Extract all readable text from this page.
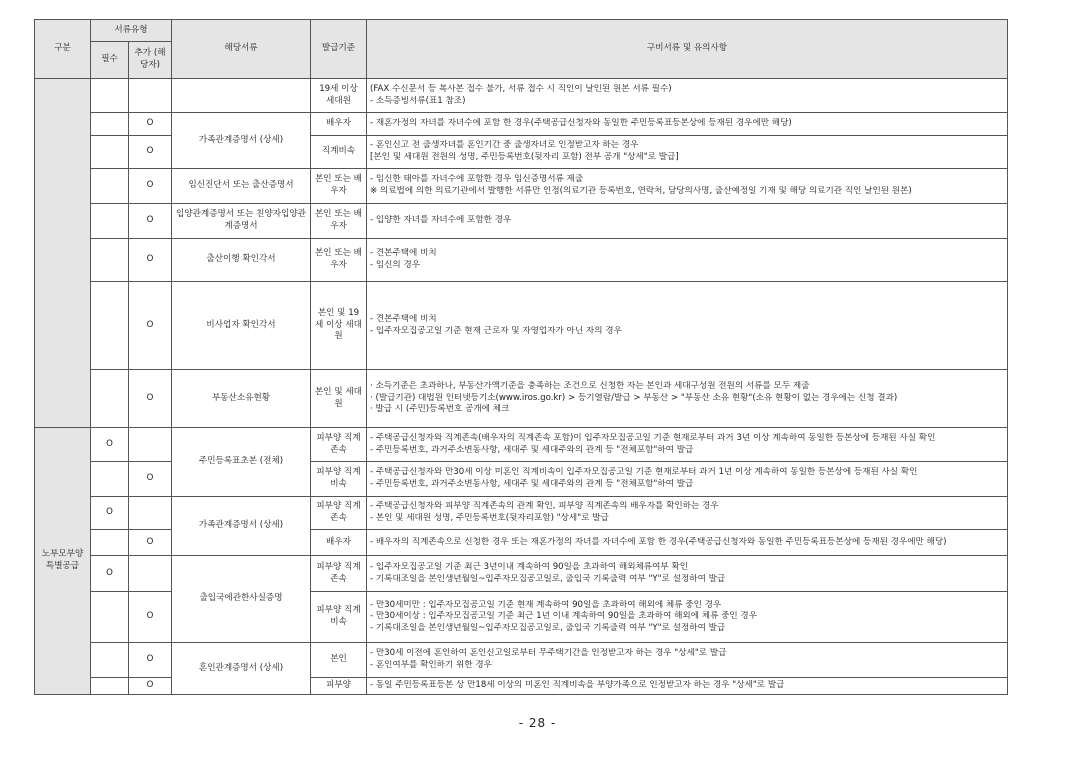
구분	서류유형		해당서류	발급기준	구비서류 및 유의사항
	필수	추가 (해당자)			
				19세 이상 세대원	(FAX 수신문서 등 복사본 접수 불가, 서류 접수 시 직인이 날인된 원본 서류 필수)
- 소득증빙서류(표1 참조)

		O	가족관계증명서 (상세)	배우자	- 재혼가정의 자녀를 자녀수에 포함 한 경우(주택공급신청자와 동일한 주민등록표등본상에 등재된 경우에만 해당)

		O		직계비속	- 혼인신고 전 출생자녀를 혼인기간 중 출생자녀로 인정받고자 하는 경우
[본인 및 세대원 전원의 성명, 주민등록번호(뒷자리 포함) 전부 공개 "상세"로 발급]

		O	임신진단서 또는 출산증명서	본인 또는 배우자	- 임신한 태아를 자녀수에 포함한 경우 임신증명서류 제출
※ 의료법에 의한 의료기관에서 발행한 서류만 인정(의료기관 등록번호, 연락처, 담당의사명, 출산예정일 기재 및 해당 의료기관 직인 날인된 원본)

		O	입양관계증명서 또는 친양자입양관계증명서	본인 또는 배우자	- 입양한 자녀를 자녀수에 포함한 경우

		O	출산이행 확인각서	본인 또는 배우자	- 견본주택에 비치
- 임신의 경우

		O	비사업자 확인각서	본인 및 19세 이상 세대원	- 견본주택에 비치
- 입주자모집공고일 기준 현재 근로자 및 자영업자가 아닌 자의 경우

		O	부동산소유현황	본인 및 세대원	· 소득기준은 초과하나, 부동산가액기준을 충족하는 조건으로 신청한 자는 본인과 세대구성원 전원의 서류를 모두 제출
· (발급기관) 대법원 인터넷등기소(www.iros.go.kr) > 등기열람/발급 > 부동산 > "부동산 소유 현황"(소유 현황이 없는 경우에는 신청 결과)
· 발급 시 (주민)등록번호 공개에 체크

노부모부양 특별공급	O		주민등록표초본 (전체)	피부양 직계존속	- 주택공급신청자와 직계존속(배우자의 직계존속 포함)이 입주자모집공고일 기준 현재로부터 과거 3년 이상 계속하여 동일한 등본상에 등재된 사실 확인
- 주민등록번호, 과거주소변동사항, 세대주 및 세대주와의 관계 등 "전체포함"하여 발급

		O		피부양 직계비속	- 주택공급신청자와 만30세 이상 미혼인 직계비속이 입주자모집공고일 기준 현재로부터 과거 1년 이상 계속하여 동일한 등본상에 등재된 사실 확인
- 주민등록번호, 과거주소변동사항, 세대주 및 세대주와의 관계 등 "전체포함"하여 발급

	O		가족관계증명서 (상세)	피부양 직계존속	- 주택공급신청자와 피부양 직계존속의 관계 확인, 피부양 직계존속의 배우자를 확인하는 경우
- 본인 및 세대원 성명, 주민등록번호(뒷자리포함) "상세"로 발급

		O		배우자	- 배우자의 직계존속으로 신청한 경우 또는 재혼가정의 자녀를 자녀수에 포함 한 경우(주택공급신청자와 동일한 주민등록표등본상에 등재된 경우에만 해당)

	O		출입국에관한사실증명	피부양 직계존속	- 입주자모집공고일 기준 최근 3년이내 계속하여 90일을 초과하여 해외체류여부 확인
- 기록대조일을 본인생년월일~입주자모집공고일로, 출입국 기록출력 여부 "Y"로 설정하여 발급

		O		피부양 직계비속	- 만30세미만 : 입주자모집공고일 기준 현재 계속하여 90일을 초과하여 해외에 체류 중인 경우
- 만30세이상 : 입주자모집공고일 기준 최근 1년 이내 계속하여 90일을 초과하여 해외에 체류 중인 경우
- 기록대조일을 본인생년월일~입주자모집공고일로, 출입국 기록출력 여부 "Y"로 설정하여 발급

		O	혼인관계증명서 (상세)	본인	- 만30세 이전에 혼인하여 혼인신고일로부터 무주택기간을 인정받고자 하는 경우 "상세"로 발급
- 혼인여부를 확인하기 위한 경우

		O		피부양	- 동일 주민등록표등본 상 만18세 이상의 미혼인 직계비속을 부양가족으로 인정받고자 하는 경우 "상세"로 발급
- 28 -
